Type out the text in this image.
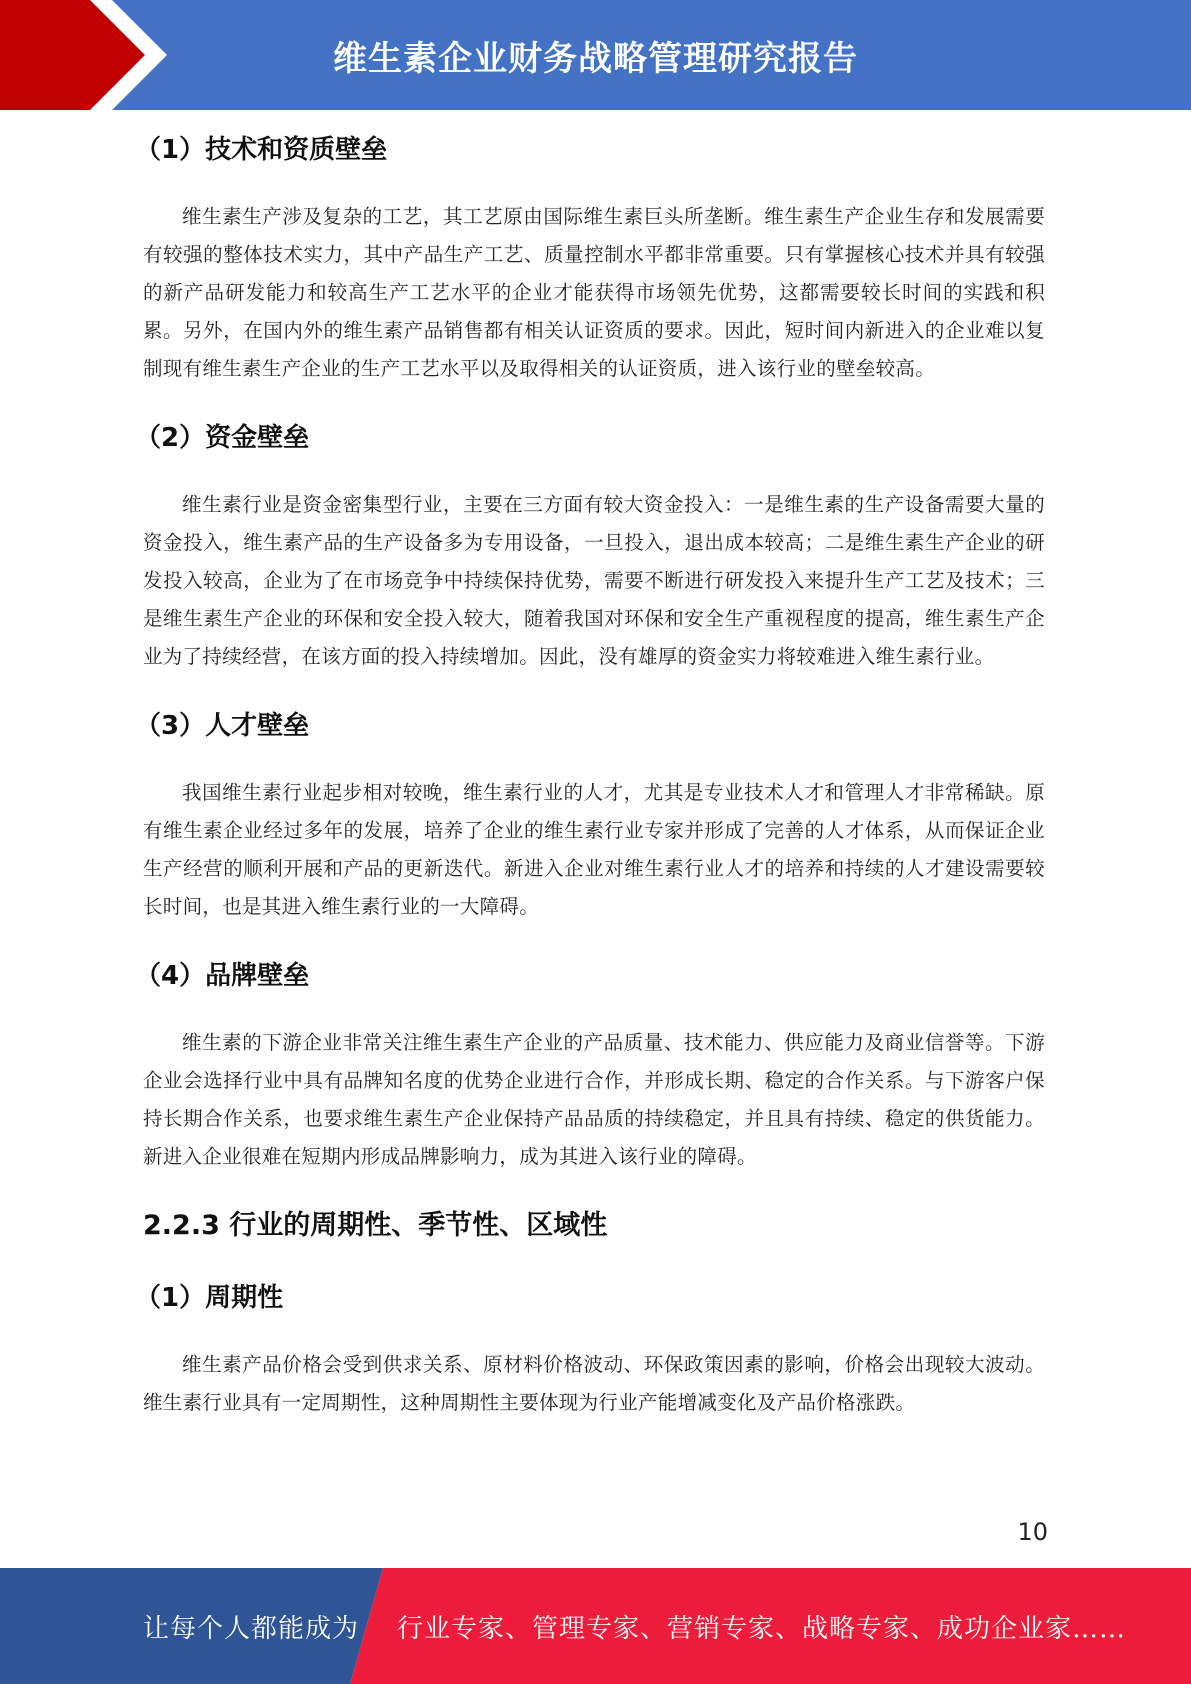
维生素企业财务战略管理研究报告
（1）技术和资质壁垒

维生素生产涉及复杂的工艺，其工艺原由国际维生素巨头所垄断。维生素生产企业生存和发展需要有较强的整体技术实力，其中产品生产工艺、质量控制水平都非常重要。只有掌握核心技术并具有较强的新产品研发能力和较高生产工艺水平的企业才能获得市场领先优势，这都需要较长时间的实践和积累。另外，在国内外的维生素产品销售都有相关认证资质的要求。因此，短时间内新进入的企业难以复制现有维生素生产企业的生产工艺水平以及取得相关的认证资质，进入该行业的壁垒较高。

（2）资金壁垒

维生素行业是资金密集型行业，主要在三方面有较大资金投入：一是维生素的生产设备需要大量的资金投入，维生素产品的生产设备多为专用设备，一旦投入，退出成本较高；二是维生素生产企业的研发投入较高，企业为了在市场竞争中持续保持优势，需要不断进行研发投入来提升生产工艺及技术；三是维生素生产企业的环保和安全投入较大，随着我国对环保和安全生产重视程度的提高，维生素生产企业为了持续经营，在该方面的投入持续增加。因此，没有雄厚的资金实力将较难进入维生素行业。

（3）人才壁垒

我国维生素行业起步相对较晚，维生素行业的人才，尤其是专业技术人才和管理人才非常稀缺。原有维生素企业经过多年的发展，培养了企业的维生素行业专家并形成了完善的人才体系，从而保证企业生产经营的顺利开展和产品的更新迭代。新进入企业对维生素行业人才的培养和持续的人才建设需要较长时间，也是其进入维生素行业的一大障碍。

（4）品牌壁垒

维生素的下游企业非常关注维生素生产企业的产品质量、技术能力、供应能力及商业信誉等。下游企业会选择行业中具有品牌知名度的优势企业进行合作，并形成长期、稳定的合作关系。与下游客户保持长期合作关系，也要求维生素生产企业保持产品品质的持续稳定，并且具有持续、稳定的供货能力。新进入企业很难在短期内形成品牌影响力，成为其进入该行业的障碍。

2.2.3 行业的周期性、季节性、区域性
（1）周期性

维生素产品价格会受到供求关系、原材料价格波动、环保政策因素的影响，价格会出现较大波动。维生素行业具有一定周期性，这种周期性主要体现为行业产能增减变化及产品价格涨跌。

10
让每个人都能成为 行业专家、管理专家、营销专家、战略专家、成功企业家……
